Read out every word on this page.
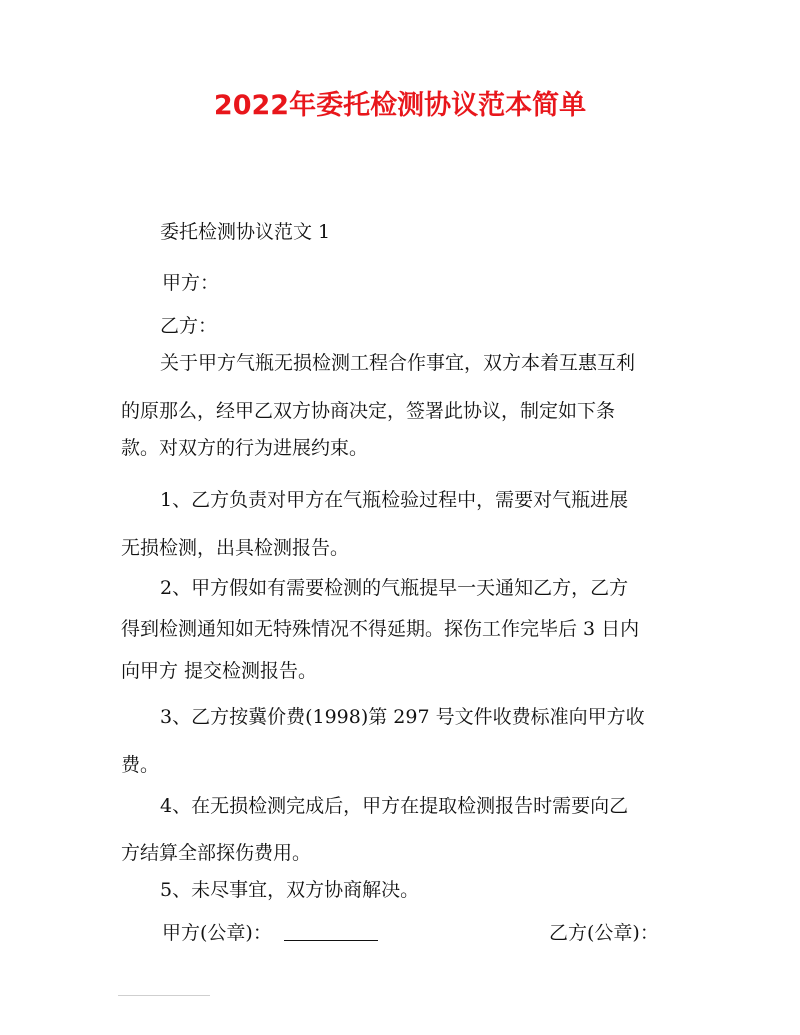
2022年委托检测协议范本简单

委托检测协议范文 1

甲方：

乙方：

关于甲方气瓶无损检测工程合作事宜，双方本着互惠互利

的原那么，经甲乙双方协商决定，签署此协议，制定如下条

款。对双方的行为进展约束。

1、乙方负责对甲方在气瓶检验过程中，需要对气瓶进展

无损检测，出具检测报告。

2、甲方假如有需要检测的气瓶提早一天通知乙方，乙方

得到检测通知如无特殊情况不得延期。探伤工作完毕后 3 日内

向甲方 提交检测报告。

3、乙方按冀价费(1998)第 297 号文件收费标准向甲方收

费。

4、在无损检测完成后，甲方在提取检测报告时需要向乙

方结算全部探伤费用。

5、未尽事宜，双方协商解决。

甲方(公章)：	乙方(公章)：
